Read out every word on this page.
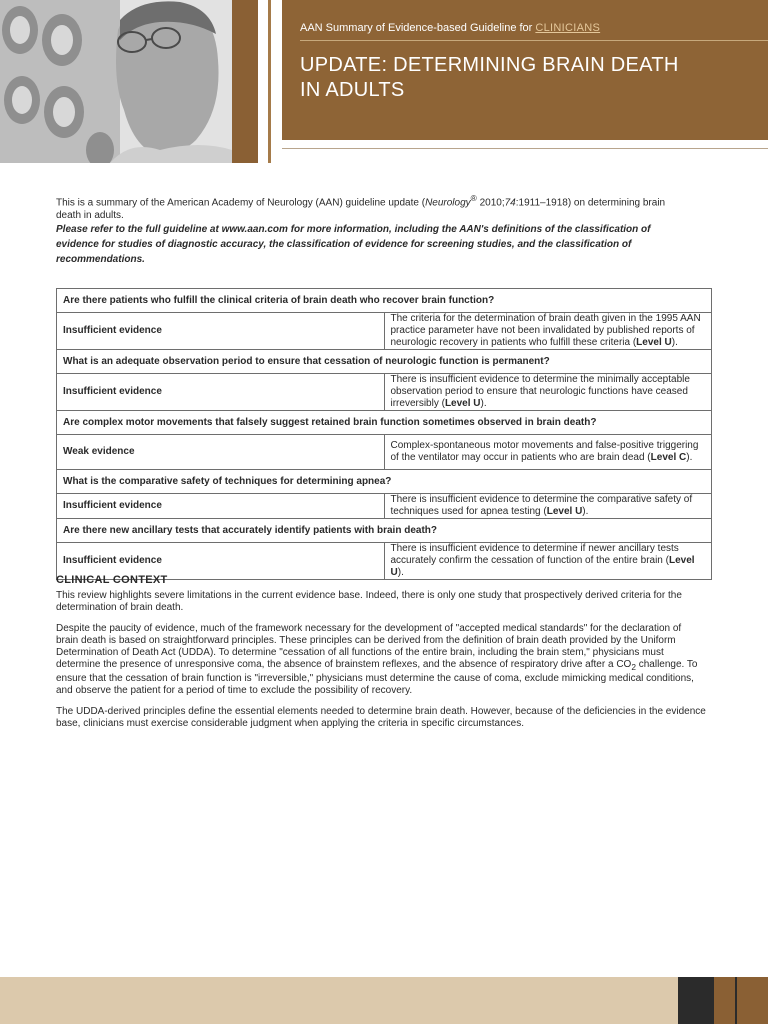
AAN Summary of Evidence-based Guideline for CLINICIANS
UPDATE: DETERMINING BRAIN DEATH
IN ADULTS

This is a summary of the American Academy of Neurology (AAN) guideline update (Neurology® 2010;74:1911–1918) on determining brain death in adults.

Please refer to the full guideline at www.aan.com for more information, including the AAN's definitions of the classification of evidence for studies of diagnostic accuracy, the classification of evidence for screening studies, and the classification of recommendations.

Are there patients who fulfill the clinical criteria of brain death who recover brain function?	
Insufficient evidence	The criteria for the determination of brain death given in the 1995 AAN practice parameter have not been invalidated by published reports of neurologic recovery in patients who fulfill these criteria (Level U).
What is an adequate observation period to ensure that cessation of neurologic function is permanent?	
Insufficient evidence	There is insufficient evidence to determine the minimally acceptable observation period to ensure that neurologic functions have ceased irreversibly (Level U).
Are complex motor movements that falsely suggest retained brain function sometimes observed in brain death?	
Weak evidence	Complex-spontaneous motor movements and false-positive triggering of the ventilator may occur in patients who are brain dead (Level C).
What is the comparative safety of techniques for determining apnea?	
Insufficient evidence	There is insufficient evidence to determine the comparative safety of techniques used for apnea testing (Level U).
Are there new ancillary tests that accurately identify patients with brain death?	
Insufficient evidence	There is insufficient evidence to determine if newer ancillary tests accurately confirm the cessation of function of the entire brain (Level U).
CLINICAL CONTEXT

This review highlights severe limitations in the current evidence base. Indeed, there is only one study that prospectively derived criteria for the determination of brain death.

Despite the paucity of evidence, much of the framework necessary for the development of "accepted medical standards" for the declaration of brain death is based on straightforward principles. These principles can be derived from the definition of brain death provided by the Uniform Determination of Death Act (UDDA). To determine "cessation of all functions of the entire brain, including the brain stem," physicians must determine the presence of unresponsive coma, the absence of brainstem reflexes, and the absence of respiratory drive after a $CO_2$ challenge. To ensure that the cessation of brain function is "irreversible," physicians must determine the cause of coma, exclude mimicking medical conditions, and observe the patient for a period of time to exclude the possibility of recovery.

The UDDA-derived principles define the essential elements needed to determine brain death. However, because of the deficiencies in the evidence base, clinicians must exercise considerable judgment when applying the criteria in specific circumstances.
